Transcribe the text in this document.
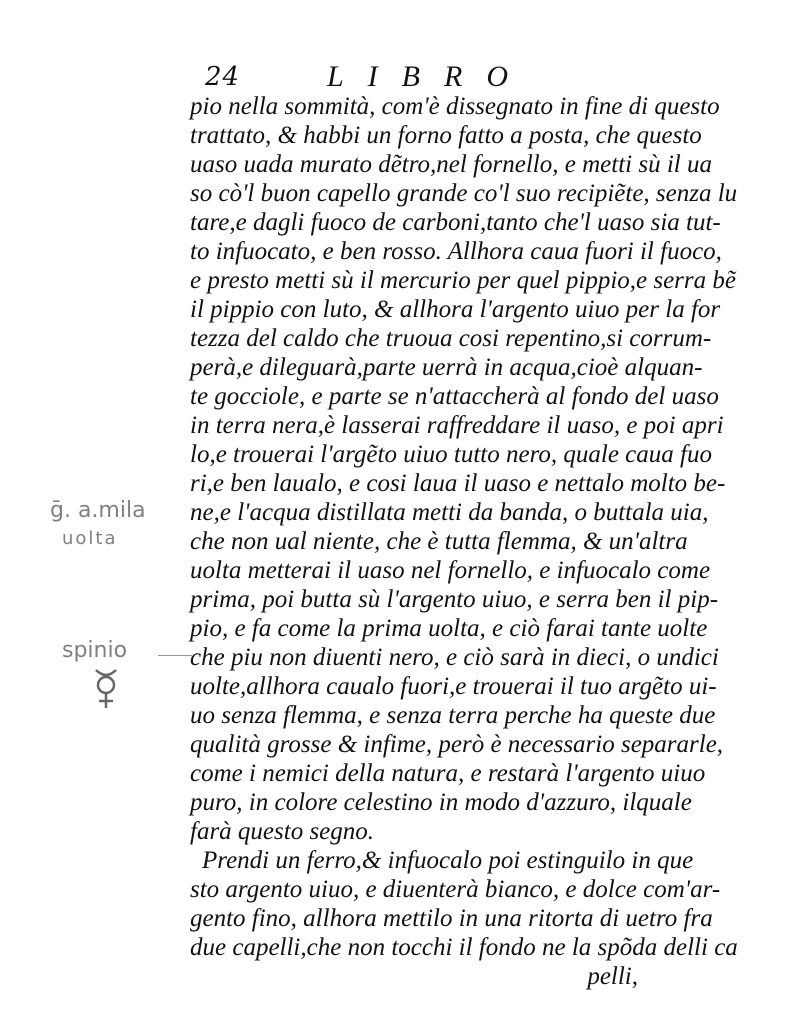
24	LIBRO
pio nella sommità, com'è dissegnato in fine di questo
trattato, & habbi un forno fatto a posta, che questo
uaso uada murato dẽtro,nel fornello, e metti sù il ua
so cò'l buon capello grande co'l suo recipiẽte, senza lu
tare,e dagli fuoco de carboni,tanto che'l uaso sia tut-
to infuocato, e ben rosso. Allhora caua fuori il fuoco,
e presto metti sù il mercurio per quel pippio,e serra bẽ
il pippio con luto, & allhora l'argento uiuo per la for
tezza del caldo che truoua cosi repentino,si corrum-
perà,e dileguarà,parte uerrà in acqua,cioè alquan-
te gocciole, e parte se n'attaccherà al fondo del uaso
in terra nera,è lasserai raffreddare il uaso, e poi apri
lo,e trouerai l'argẽto uiuo tutto nero, quale caua fuo
ri,e ben laualo, e cosi laua il uaso e nettalo molto be-
ne,e l'acqua distillata metti da banda, o buttala uia,
che non ual niente, che è tutta flemma, & un'altra
uolta metterai il uaso nel fornello, e infuocalo come
prima, poi butta sù l'argento uiuo, e serra ben il pip-
pio, e fa come la prima uolta, e ciò farai tante uolte
che piu non diuenti nero, e ciò sarà in dieci, o undici
uolte,allhora caualo fuori,e trouerai il tuo argẽto ui-
uo senza flemma, e senza terra perche ha queste due
qualità grosse & infime, però è necessario separarle,
come i nemici della natura, e restarà l'argento uiuo
puro, in colore celestino in modo d'azzuro, ilquale
farà questo segno.
Prendi un ferro,& infuocalo poi estinguilo in que
sto argento uiuo, e diuenterà bianco, e dolce com'ar-
gento fino, allhora mettilo in una ritorta di uetro fra
due capelli,che non tocchi il fondo ne la spõda delli ca
pelli,
ḡ. a.mila
uolta
spinio
